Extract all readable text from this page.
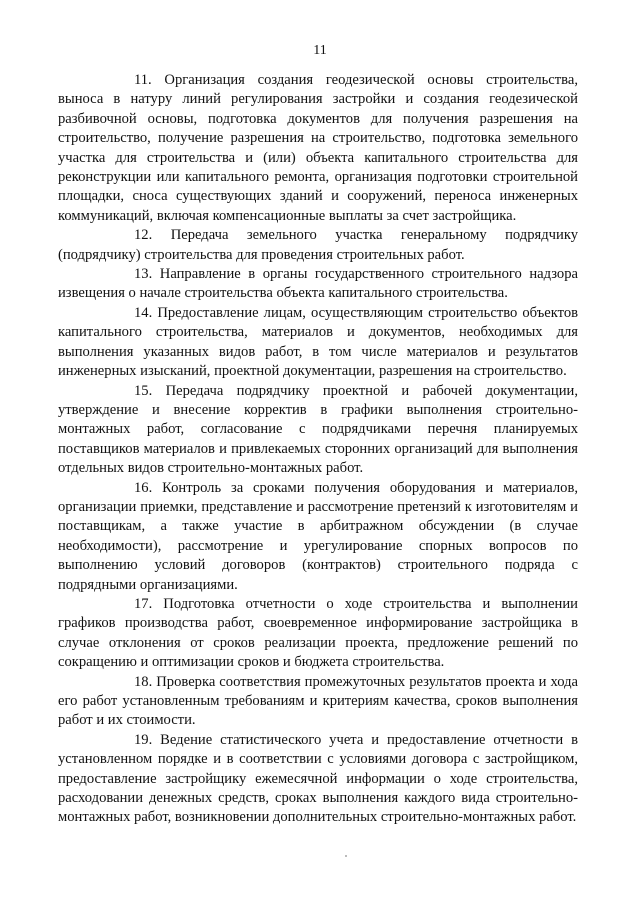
11

11. Организация создания геодезической основы строительства, выноса в натуру линий регулирования застройки и создания геодезической разбивочной основы, подготовка документов для получения разрешения на строительство, получение разрешения на строительство, подготовка земельного участка для строительства и (или) объекта капитального строительства для реконструкции или капитального ремонта, организация подготовки строительной площадки, сноса существующих зданий и сооружений, переноса инженерных коммуникаций, включая компенсационные выплаты за счет застройщика.

12. Передача земельного участка генеральному подрядчику (подрядчику) строительства для проведения строительных работ.

13. Направление в органы государственного строительного надзора извещения о начале строительства объекта капитального строительства.

14. Предоставление лицам, осуществляющим строительство объектов капитального строительства, материалов и документов, необходимых для выполнения указанных видов работ, в том числе материалов и результатов инженерных изысканий, проектной документации, разрешения на строительство.

15. Передача подрядчику проектной и рабочей документации, утверждение и внесение корректив в графики выполнения строительно-монтажных работ, согласование с подрядчиками перечня планируемых поставщиков материалов и привлекаемых сторонних организаций для выполнения отдельных видов строительно-монтажных работ.

16. Контроль за сроками получения оборудования и материалов, организации приемки, представление и рассмотрение претензий к изготовителям и поставщикам, а также участие в арбитражном обсуждении (в случае необходимости), рассмотрение и урегулирование спорных вопросов по выполнению условий договоров (контрактов) строительного подряда с подрядными организациями.

17. Подготовка отчетности о ходе строительства и выполнении графиков производства работ, своевременное информирование застройщика в случае отклонения от сроков реализации проекта, предложение решений по сокращению и оптимизации сроков и бюджета строительства.

18. Проверка соответствия промежуточных результатов проекта и хода его работ установленным требованиям и критериям качества, сроков выполнения работ и их стоимости.

19. Ведение статистического учета и предоставление отчетности в установленном порядке и в соответствии с условиями договора с застройщиком, предоставление застройщику ежемесячной информации о ходе строительства, расходовании денежных средств, сроках выполнения каждого вида строительно-монтажных работ, возникновении дополнительных строительно-монтажных работ.
